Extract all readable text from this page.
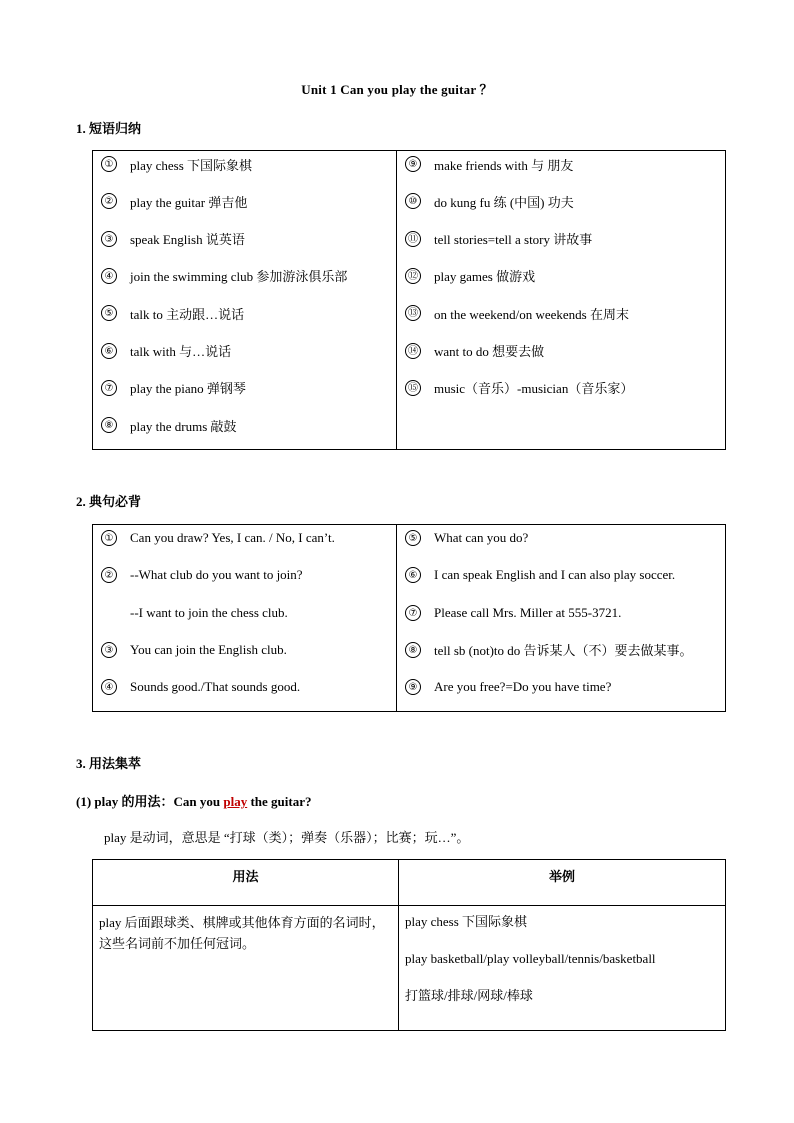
Unit 1 Can you play the guitar ？
1. 短语归纳
① play chess 下国际象棋
② play the guitar 弹吉他
③ speak English 说英语
④ join the swimming club 参加游泳俱乐部
⑤ talk to 主动跟…说话
⑥ talk with 与…说话
⑦ play the piano 弹钢琴
⑧ play the drums 敲鼓

⑨ make friends with 与 朋友
⑩ do kung fu 练 (中国) 功夫
⑪ tell stories=tell a story 讲故事
⑫ play games 做游戏
⑬ on the weekend/on weekends 在周末
⑭ want to do 想要去做
⑮ music（音乐）-musician（音乐家）
2. 典句必背
① Can you draw? Yes, I can. / No, I can’t.
② --What club do you want to join?
--I want to join the chess club.
③ You can join the English club.
④ Sounds good./That sounds good.

⑤ What can you do?
⑥ I can speak English and I can also play soccer.
⑦ Please call Mrs. Miller at 555-3721.
⑧ tell sb (not)to do 告诉某人（不）要去做某事。
⑨ Are you free?=Do you have time?
3. 用法集萃
(1) play 的用法：Can you play the guitar?
play 是动词，意思是 “打球（类）；弹奏（乐器）；比赛；玩…”。
用法	举例
play 后面跟球类、棋牌或其他体育方面的名词时，这些名词前不加任何冠词。	play chess 下国际象棋
play basketball/play volleyball/tennis/basketball
打篮球/排球/网球/棒球
